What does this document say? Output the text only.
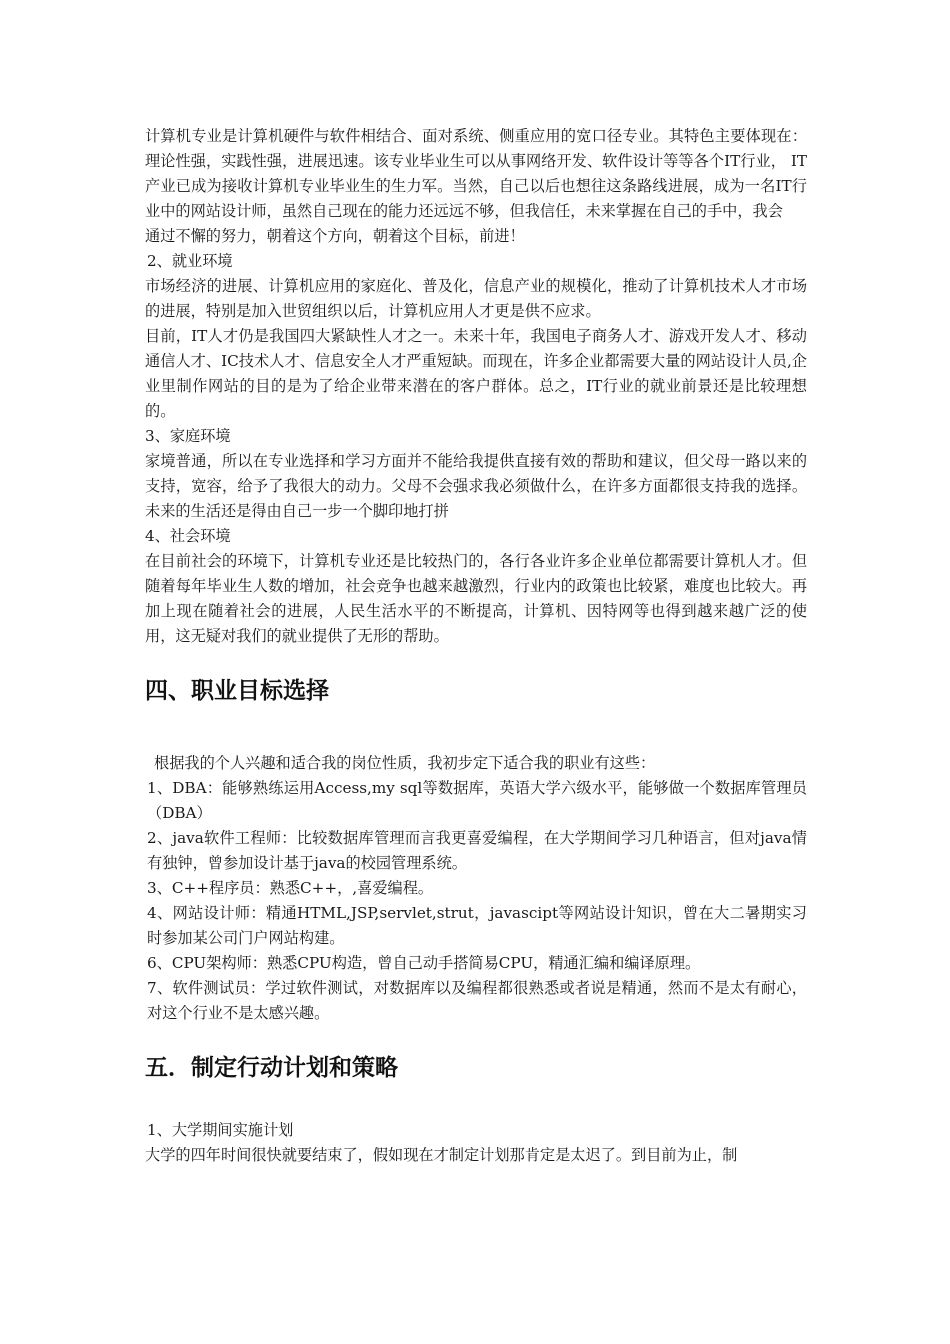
计算机专业是计算机硬件与软件相结合、面对系统、侧重应用的宽口径专业。其特色主要体现在：理论性强，实践性强，进展迅速。该专业毕业生可以从事网络开发、软件设计等等各个IT行业， IT产业已成为接收计算机专业毕业生的生力军。当然，自己以后也想往这条路线进展，成为一名IT行业中的网站设计师，虽然自己现在的能力还远远不够，但我信任，未来掌握在自己的手中，我会

通过不懈的努力，朝着这个方向，朝着这个目标，前进！

2、就业环境

市场经济的进展、计算机应用的家庭化、普及化，信息产业的规模化，推动了计算机技术人才市场的进展，特别是加入世贸组织以后，计算机应用人才更是供不应求。

目前，IT人才仍是我国四大紧缺性人才之一。未来十年，我国电子商务人才、游戏开发人才、移动通信人才、IC技术人才、信息安全人才严重短缺。而现在，许多企业都需要大量的网站设计人员,企业里制作网站的目的是为了给企业带来潜在的客户群体。总之，IT行业的就业前景还是比较理想的。

3、家庭环境

家境普通，所以在专业选择和学习方面并不能给我提供直接有效的帮助和建议，但父母一路以来的支持，宽容，给予了我很大的动力。父母不会强求我必须做什么，在许多方面都很支持我的选择。未来的生活还是得由自己一步一个脚印地打拼

4、社会环境

在目前社会的环境下，计算机专业还是比较热门的，各行各业许多企业单位都需要计算机人才。但随着每年毕业生人数的增加，社会竞争也越来越激烈，行业内的政策也比较紧，难度也比较大。再加上现在随着社会的进展，人民生活水平的不断提高，计算机、因特网等也得到越来越广泛的使用，这无疑对我们的就业提供了无形的帮助。

四、职业目标选择

根据我的个人兴趣和适合我的岗位性质，我初步定下适合我的职业有这些：

1、DBA：能够熟练运用Access,my sql等数据库，英语大学六级水平，能够做一个数据库管理员（DBA）

2、java软件工程师：比较数据库管理而言我更喜爱编程，在大学期间学习几种语言，但对java情有独钟，曾参加设计基于java的校园管理系统。

3、C++程序员：熟悉C++，,喜爱编程。

4、网站设计师：精通HTML,JSP,servlet,strut，javascipt等网站设计知识，曾在大二暑期实习时参加某公司门户网站构建。

6、CPU架构师：熟悉CPU构造，曾自己动手搭简易CPU，精通汇编和编译原理。

7、软件测试员：学过软件测试，对数据库以及编程都很熟悉或者说是精通，然而不是太有耐心，对这个行业不是太感兴趣。

五．制定行动计划和策略

1、大学期间实施计划

大学的四年时间很快就要结束了，假如现在才制定计划那肯定是太迟了。到目前为止，制
